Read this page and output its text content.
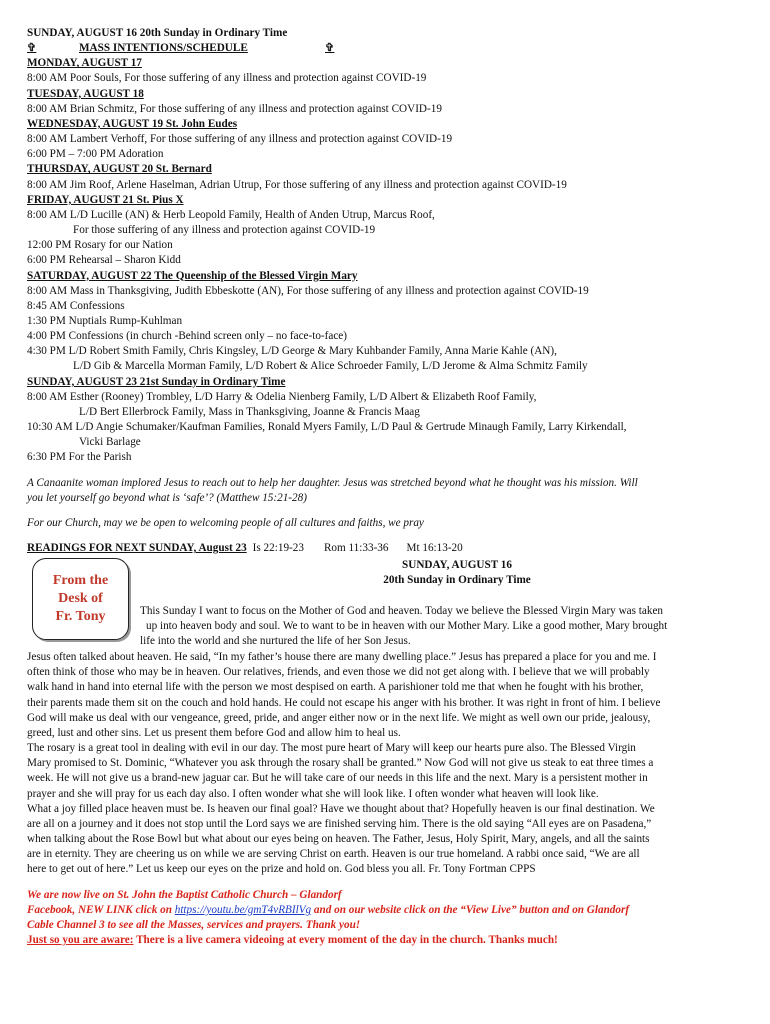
SUNDAY, AUGUST 16 20th Sunday in Ordinary Time
✞	MASS INTENTIONS/SCHEDULE	✞
MONDAY, AUGUST 17
8:00 AM Poor Souls, For those suffering of any illness and protection against COVID-19
TUESDAY, AUGUST 18
8:00 AM Brian Schmitz, For those suffering of any illness and protection against COVID-19
WEDNESDAY, AUGUST 19 St. John Eudes
8:00 AM Lambert Verhoff, For those suffering of any illness and protection against COVID-19
6:00 PM – 7:00 PM Adoration
THURSDAY, AUGUST 20 St. Bernard
8:00 AM Jim Roof, Arlene Haselman, Adrian Utrup, For those suffering of any illness and protection against COVID-19
FRIDAY, AUGUST 21 St. Pius X
8:00 AM L/D Lucille (AN) & Herb Leopold Family, Health of Anden Utrup, Marcus Roof,
For those suffering of any illness and protection against COVID-19
12:00 PM Rosary for our Nation
6:00 PM Rehearsal – Sharon Kidd
SATURDAY, AUGUST 22 The Queenship of the Blessed Virgin Mary
8:00 AM Mass in Thanksgiving, Judith Ebbeskotte (AN), For those suffering of any illness and protection against COVID-19
8:45 AM Confessions
1:30 PM Nuptials Rump-Kuhlman
4:00 PM Confessions (in church -Behind screen only – no face-to-face)
4:30 PM L/D Robert Smith Family, Chris Kingsley, L/D George & Mary Kuhbander Family, Anna Marie Kahle (AN),
L/D Gib & Marcella Morman Family, L/D Robert & Alice Schroeder Family, L/D Jerome & Alma Schmitz Family
SUNDAY, AUGUST 23 21st Sunday in Ordinary Time
8:00 AM Esther (Rooney) Trombley, L/D Harry & Odelia Nienberg Family, L/D Albert & Elizabeth Roof Family,
L/D Bert Ellerbrock Family, Mass in Thanksgiving, Joanne & Francis Maag
10:30 AM L/D Angie Schumaker/Kaufman Families, Ronald Myers Family, L/D Paul & Gertrude Minaugh Family, Larry Kirkendall,
Vicki Barlage
6:30 PM For the Parish
A Canaanite woman implored Jesus to reach out to help her daughter. Jesus was stretched beyond what he thought was his mission. Will
you let yourself go beyond what is ‘safe’? (Matthew 15:21-28)
For our Church, may we be open to welcoming people of all cultures and faiths, we pray
READINGS FOR NEXT SUNDAY, August 23 Is 22:19-23 Rom 11:33-36 Mt 16:13-20
From the
Desk of
Fr. Tony
SUNDAY, AUGUST 16
20th Sunday in Ordinary Time
This Sunday I want to focus on the Mother of God and heaven. Today we believe the Blessed Virgin Mary was taken
up into heaven body and soul. We to want to be in heaven with our Mother Mary. Like a good mother, Mary brought
life into the world and she nurtured the life of her Son Jesus.
Jesus often talked about heaven. He said, “In my father’s house there are many dwelling place.” Jesus has prepared a place for you and me. I
often think of those who may be in heaven. Our relatives, friends, and even those we did not get along with. I believe that we will probably
walk hand in hand into eternal life with the person we most despised on earth. A parishioner told me that when he fought with his brother,
their parents made them sit on the couch and hold hands. He could not escape his anger with his brother. It was right in front of him. I believe
God will make us deal with our vengeance, greed, pride, and anger either now or in the next life. We might as well own our pride, jealousy,
greed, lust and other sins. Let us present them before God and allow him to heal us.
The rosary is a great tool in dealing with evil in our day. The most pure heart of Mary will keep our hearts pure also. The Blessed Virgin
Mary promised to St. Dominic, “Whatever you ask through the rosary shall be granted.” Now God will not give us steak to eat three times a
week. He will not give us a brand-new jaguar car. But he will take care of our needs in this life and the next. Mary is a persistent mother in
prayer and she will pray for us each day also. I often wonder what she will look like. I often wonder what heaven will look like.
What a joy filled place heaven must be. Is heaven our final goal? Have we thought about that? Hopefully heaven is our final destination. We
are all on a journey and it does not stop until the Lord says we are finished serving him. There is the old saying “All eyes are on Pasadena,”
when talking about the Rose Bowl but what about our eyes being on heaven. The Father, Jesus, Holy Spirit, Mary, angels, and all the saints
are in eternity. They are cheering us on while we are serving Christ on earth. Heaven is our true homeland. A rabbi once said, “We are all
here to get out of here.” Let us keep our eyes on the prize and hold on. God bless you all. Fr. Tony Fortman CPPS
We are now live on St. John the Baptist Catholic Church – Glandorf
Facebook, NEW LINK click on https://youtu.be/gmT4vRBIlVg and on our website click on the “View Live” button and on Glandorf
Cable Channel 3 to see all the Masses, services and prayers. Thank you!
Just so you are aware: There is a live camera videoing at every moment of the day in the church. Thanks much!
